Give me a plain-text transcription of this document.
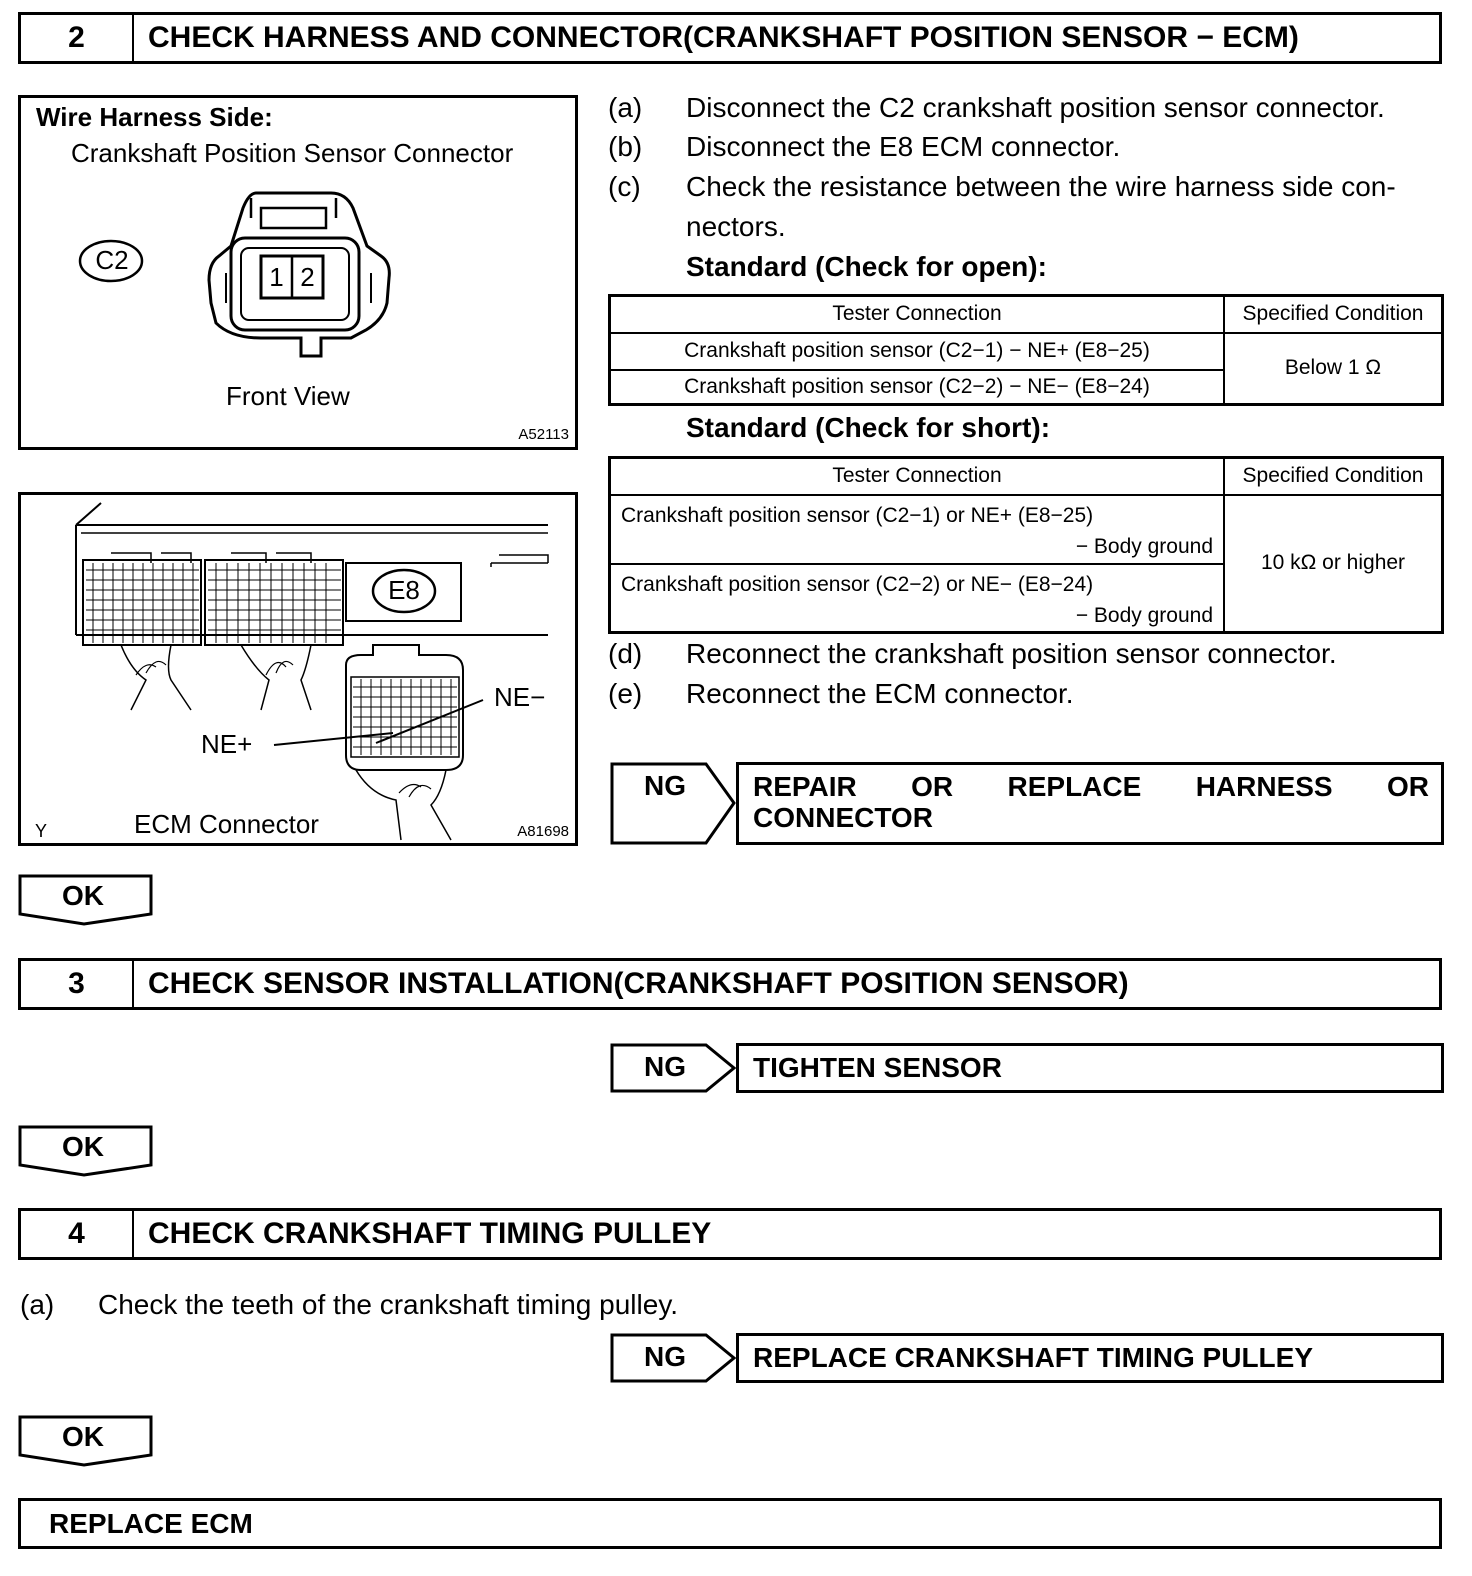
2	CHECK HARNESS AND CONNECTOR(CRANKSHAFT POSITION SENSOR − ECM)
Wire Harness Side:
Crankshaft Position Sensor Connector
C2
1 2
Front View
A52113
E8
NE−
NE+
ECM Connector
Y	A81698
(a) Disconnect the C2 crankshaft position sensor connector.
(b) Disconnect the E8 ECM connector.
(c) Check the resistance between the wire harness side con-
nectors.
Standard (Check for open):
Tester Connection	Specified Condition
Crankshaft position sensor (C2−1) − NE+ (E8−25)	Below 1 Ω
Crankshaft position sensor (C2−2) − NE− (E8−24)	
Standard (Check for short):
Tester Connection	Specified Condition

Crankshaft position sensor (C2−1) or NE+ (E8−25)
− Body ground	10 kΩ or higher

Crankshaft position sensor (C2−2) or NE− (E8−24)
− Body ground	
(d) Reconnect the crankshaft position sensor connector.
(e) Reconnect the ECM connector.
NG REPAIR OR REPLACE HARNESS OR
CONNECTOR
OK
3	CHECK SENSOR INSTALLATION(CRANKSHAFT POSITION SENSOR)
NG	TIGHTEN SENSOR
OK
4	CHECK CRANKSHAFT TIMING PULLEY
(a) Check the teeth of the crankshaft timing pulley.
NG	REPLACE CRANKSHAFT TIMING PULLEY
OK
REPLACE ECM
